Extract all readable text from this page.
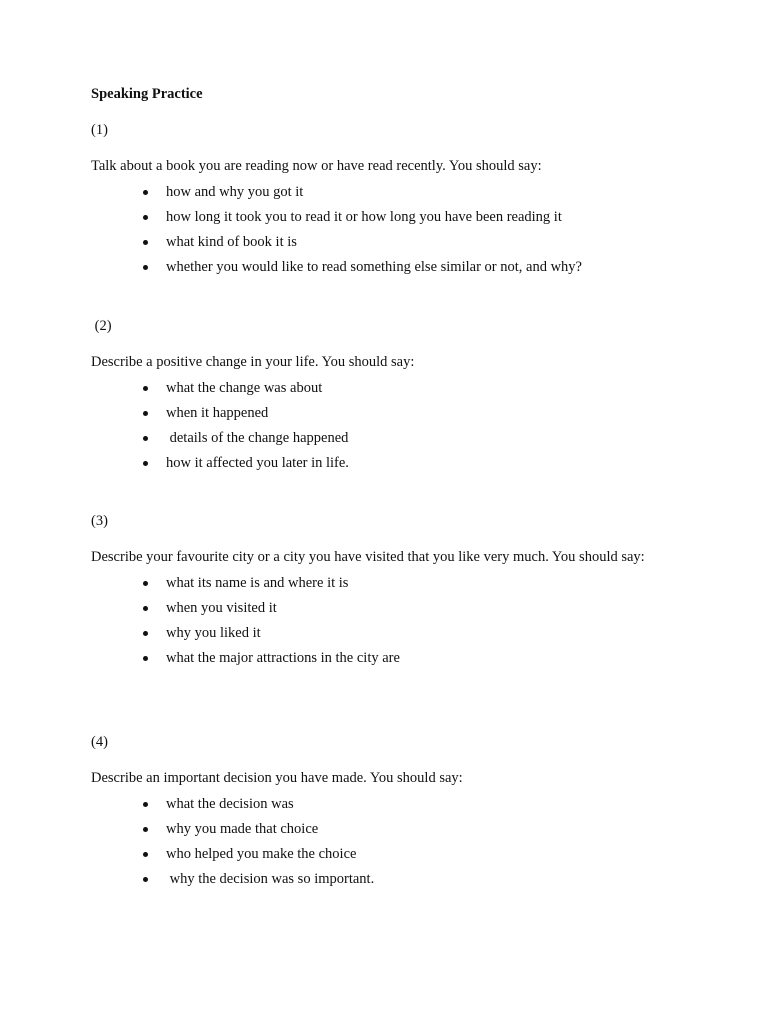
Speaking Practice
(1)
Talk about a book you are reading now or have read recently. You should say:
how and why you got it
how long it took you to read it or how long you have been reading it
what kind of book it is
whether you would like to read something else similar or not, and why?
(2)
Describe a positive change in your life. You should say:
what the change was about
when it happened
details of the change happened
how it affected you later in life.
(3)
Describe your favourite city or a city you have visited that you like very much. You should say:
what its name is and where it is
when you visited it
why you liked it
what the major attractions in the city are
(4)
Describe an important decision you have made. You should say:
what the decision was
why you made that choice
who helped you make the choice
why the decision was so important.
